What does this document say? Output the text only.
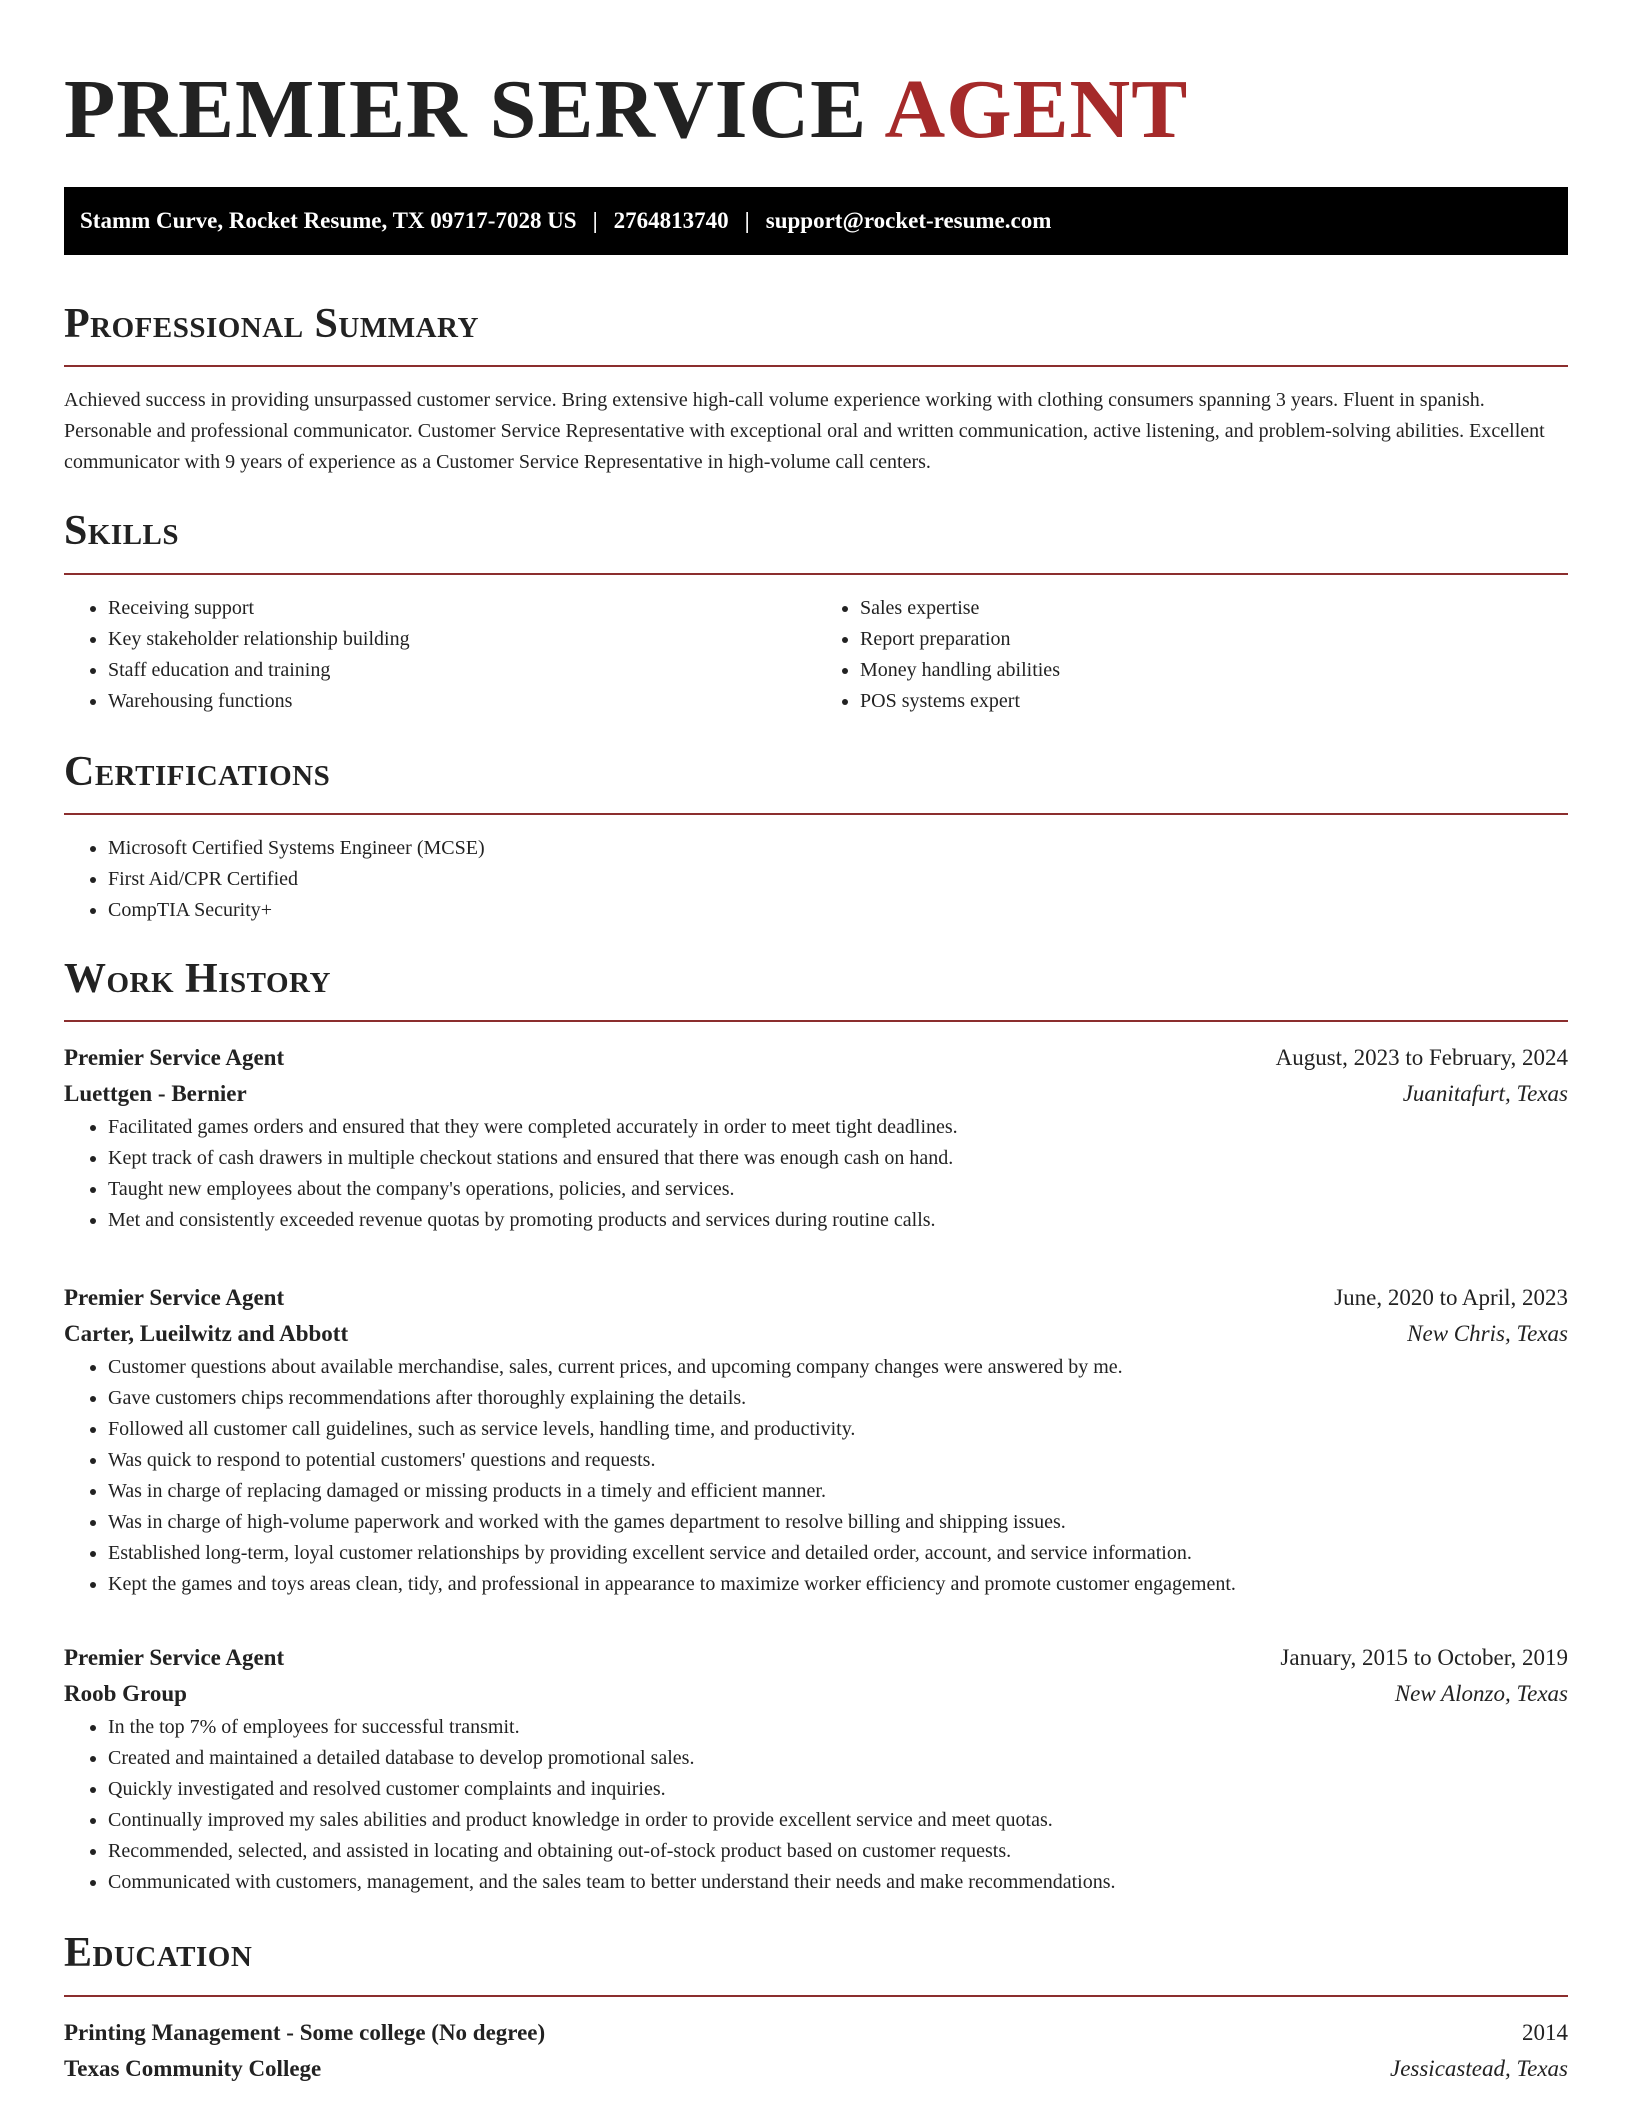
PREMIER SERVICE AGENT
Stamm Curve, Rocket Resume, TX 09717-7028 US | 2764813740 | support@rocket-resume.com
Professional Summary

Achieved success in providing unsurpassed customer service. Bring extensive high-call volume experience working with clothing consumers spanning 3 years. Fluent in spanish. Personable and professional communicator. Customer Service Representative with exceptional oral and written communication, active listening, and problem-solving abilities. Excellent communicator with 9 years of experience as a Customer Service Representative in high-volume call centers.

Skills
• Receiving support
• Key stakeholder relationship building
• Staff education and training
• Warehousing functions
• Sales expertise
• Report preparation
• Money handling abilities
• POS systems expert
Certifications
• Microsoft Certified Systems Engineer (MCSE)
• First Aid/CPR Certified
• CompTIA Security+
Work History
Premier Service Agent	August, 2023 to February, 2024
Luettgen - Bernier	Juanitafurt, Texas
• Facilitated games orders and ensured that they were completed accurately in order to meet tight deadlines.
• Kept track of cash drawers in multiple checkout stations and ensured that there was enough cash on hand.
• Taught new employees about the company's operations, policies, and services.
• Met and consistently exceeded revenue quotas by promoting products and services during routine calls.
Premier Service Agent	June, 2020 to April, 2023
Carter, Lueilwitz and Abbott	New Chris, Texas
• Customer questions about available merchandise, sales, current prices, and upcoming company changes were answered by me.
• Gave customers chips recommendations after thoroughly explaining the details.
• Followed all customer call guidelines, such as service levels, handling time, and productivity.
• Was quick to respond to potential customers' questions and requests.
• Was in charge of replacing damaged or missing products in a timely and efficient manner.
• Was in charge of high-volume paperwork and worked with the games department to resolve billing and shipping issues.
• Established long-term, loyal customer relationships by providing excellent service and detailed order, account, and service information.
• Kept the games and toys areas clean, tidy, and professional in appearance to maximize worker efficiency and promote customer engagement.
Premier Service Agent	January, 2015 to October, 2019
Roob Group	New Alonzo, Texas
• In the top 7% of employees for successful transmit.
• Created and maintained a detailed database to develop promotional sales.
• Quickly investigated and resolved customer complaints and inquiries.
• Continually improved my sales abilities and product knowledge in order to provide excellent service and meet quotas.
• Recommended, selected, and assisted in locating and obtaining out-of-stock product based on customer requests.
• Communicated with customers, management, and the sales team to better understand their needs and make recommendations.
Education
Printing Management - Some college (No degree)	2014
Texas Community College	Jessicastead, Texas
